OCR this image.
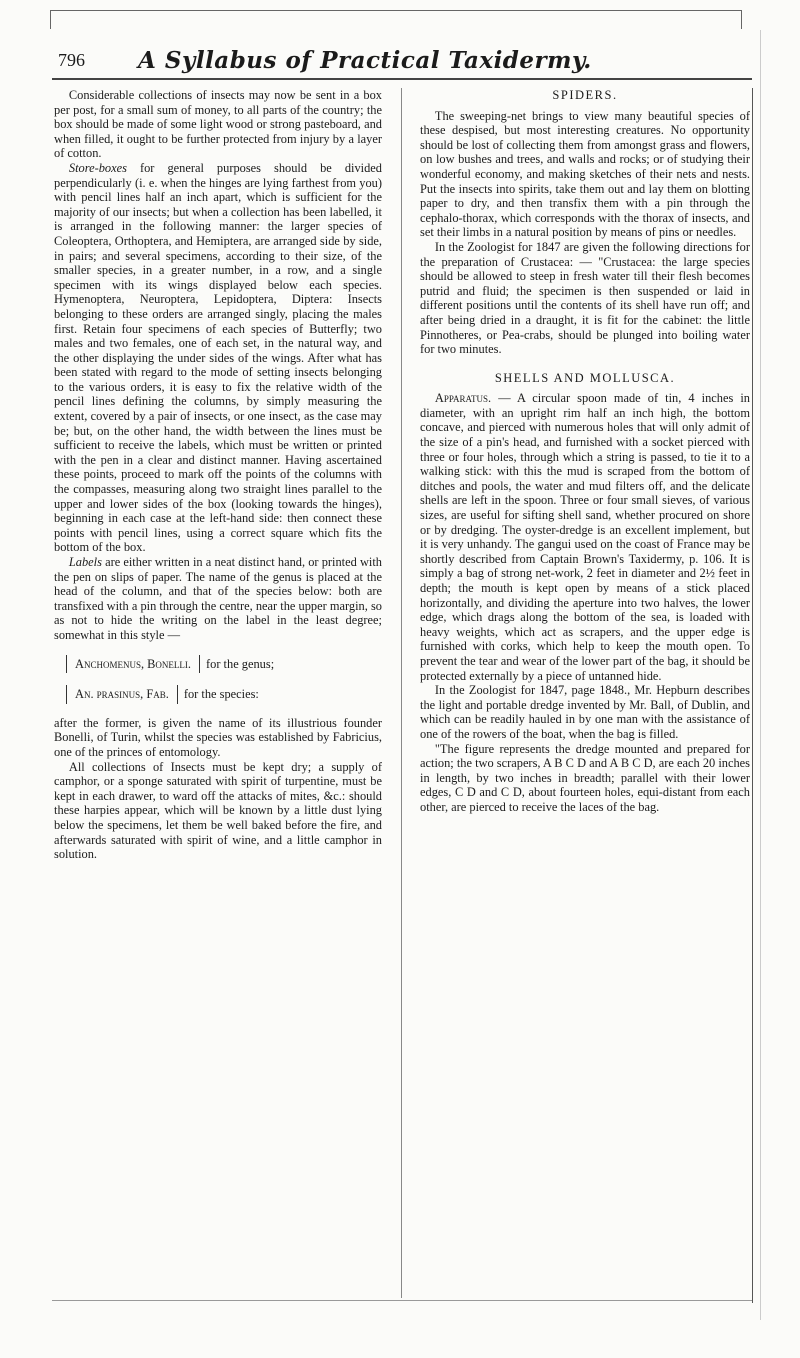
796	A Syllabus of Practical Taxidermy.

Considerable collections of insects may now be sent in a box per post, for a small sum of money, to all parts of the country; the box should be made of some light wood or strong pasteboard, and when filled, it ought to be further protected from injury by a layer of cotton.

Store-boxes for general purposes should be divided perpendicularly (i. e. when the hinges are lying farthest from you) with pencil lines half an inch apart, which is sufficient for the majority of our insects; but when a collection has been labelled, it is arranged in the following manner: the larger species of Coleoptera, Orthoptera, and Hemiptera, are arranged side by side, in pairs; and several specimens, according to their size, of the smaller species, in a greater number, in a row, and a single specimen with its wings displayed below each species. Hymenoptera, Neuroptera, Lepidoptera, Diptera: Insects belonging to these orders are arranged singly, placing the males first. Retain four specimens of each species of Butterfly; two males and two females, one of each set, in the natural way, and the other displaying the under sides of the wings. After what has been stated with regard to the mode of setting insects belonging to the various orders, it is easy to fix the relative width of the pencil lines defining the columns, by simply measuring the extent, covered by a pair of insects, or one insect, as the case may be; but, on the other hand, the width between the lines must be sufficient to receive the labels, which must be written or printed with the pen in a clear and distinct manner. Having ascertained these points, proceed to mark off the points of the columns with the compasses, measuring along two straight lines parallel to the upper and lower sides of the box (looking towards the hinges), beginning in each case at the left-hand side: then connect these points with pencil lines, using a correct square which fits the bottom of the box.

Labels are either written in a neat distinct hand, or printed with the pen on slips of paper. The name of the genus is placed at the head of the column, and that of the species below: both are transfixed with a pin through the centre, near the upper margin, so as not to hide the writing on the label in the least degree; somewhat in this style —

Anchomenus, Bonelli.	for the genus;
An. prasinus, Fab.	for the species:

after the former, is given the name of its illustrious founder Bonelli, of Turin, whilst the species was established by Fabricius, one of the princes of entomology.

All collections of Insects must be kept dry; a supply of camphor, or a sponge saturated with spirit of turpentine, must be kept in each drawer, to ward off the attacks of mites, &c.: should these harpies appear, which will be known by a little dust lying below the specimens, let them be well baked before the fire, and afterwards saturated with spirit of wine, and a little camphor in solution.

SPIDERS.

The sweeping-net brings to view many beautiful species of these despised, but most interesting creatures. No opportunity should be lost of collecting them from amongst grass and flowers, on low bushes and trees, and walls and rocks; or of studying their wonderful economy, and making sketches of their nets and nests. Put the insects into spirits, take them out and lay them on blotting paper to dry, and then transfix them with a pin through the cephalo-thorax, which corresponds with the thorax of insects, and set their limbs in a natural position by means of pins or needles.

In the Zoologist for 1847 are given the following directions for the preparation of Crustacea: — "Crustacea: the large species should be allowed to steep in fresh water till their flesh becomes putrid and fluid; the specimen is then suspended or laid in different positions until the contents of its shell have run off; and after being dried in a draught, it is fit for the cabinet: the little Pinnotheres, or Pea-crabs, should be plunged into boiling water for two minutes.

SHELLS AND MOLLUSCA.

Apparatus. — A circular spoon made of tin, 4 inches in diameter, with an upright rim half an inch high, the bottom concave, and pierced with numerous holes that will only admit of the size of a pin's head, and furnished with a socket pierced with three or four holes, through which a string is passed, to tie it to a walking stick: with this the mud is scraped from the bottom of ditches and pools, the water and mud filters off, and the delicate shells are left in the spoon. Three or four small sieves, of various sizes, are useful for sifting shell sand, whether procured on shore or by dredging. The oyster-dredge is an excellent implement, but it is very unhandy. The gangui used on the coast of France may be shortly described from Captain Brown's Taxidermy, p. 106. It is simply a bag of strong net-work, 2 feet in diameter and 2½ feet in depth; the mouth is kept open by means of a stick placed horizontally, and dividing the aperture into two halves, the lower edge, which drags along the bottom of the sea, is loaded with heavy weights, which act as scrapers, and the upper edge is furnished with corks, which help to keep the mouth open. To prevent the tear and wear of the lower part of the bag, it should be protected externally by a piece of untanned hide.

In the Zoologist for 1847, page 1848., Mr. Hepburn describes the light and portable dredge invented by Mr. Ball, of Dublin, and which can be readily hauled in by one man with the assistance of one of the rowers of the boat, when the bag is filled.

"The figure represents the dredge mounted and prepared for action; the two scrapers, A B C D and A B C D, are each 20 inches in length, by two inches in breadth; parallel with their lower edges, C D and C D, about fourteen holes, equi-distant from each other, are pierced to receive the laces of the bag.
